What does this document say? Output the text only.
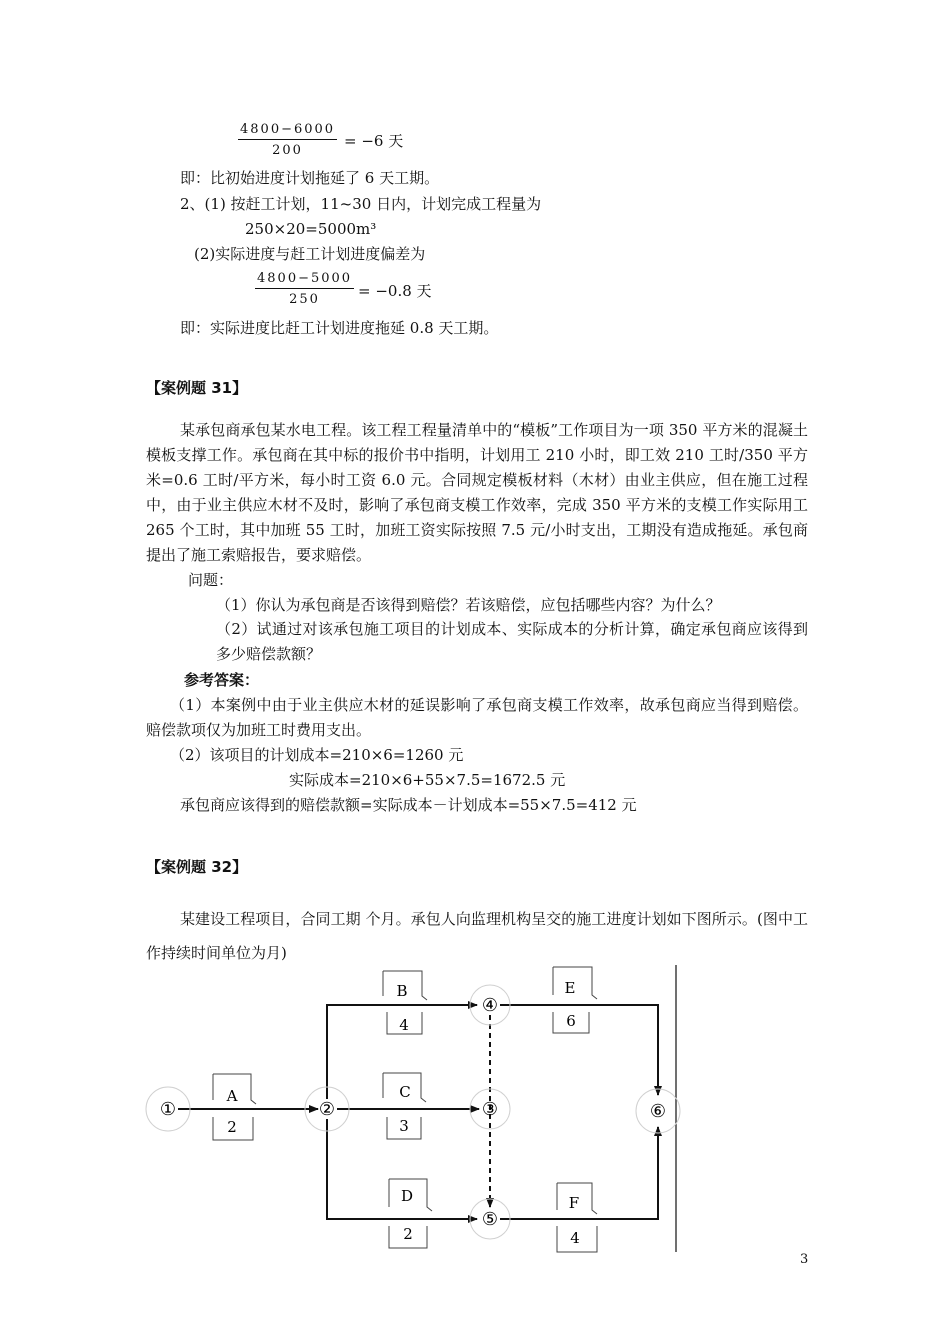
$\frac{4800-6000}{200} = -6$ 天
即：比初始进度计划拖延了 6 天工期。
2、(1) 按赶工计划，11~30 日内，计划完成工程量为
250×20=5000m³
(2)实际进度与赶工计划进度偏差为
$\frac{4800-5000}{250} = -0.8$ 天
即：实际进度比赶工计划进度拖延 0.8 天工期。
【案例题 31】
某承包商承包某水电工程。该工程工程量清单中的“模板”工作项目为一项 350 平方米的混凝土模板支撑工作。承包商在其中标的报价书中指明，计划用工 210 小时，即工效 210 工时/350 平方米=0.6 工时/平方米，每小时工资 6.0 元。合同规定模板材料（木材）由业主供应，但在施工过程中，由于业主供应木材不及时，影响了承包商支模工作效率，完成 350 平方米的支模工作实际用工 265 个工时，其中加班 55 工时，加班工资实际按照 7.5 元/小时支出，工期没有造成拖延。承包商提出了施工索赔报告，要求赔偿。
问题：
（1）你认为承包商是否该得到赔偿？若该赔偿，应包括哪些内容？为什么？
（2）试通过对该承包施工项目的计划成本、实际成本的分析计算，确定承包商应该得到多少赔偿款额？
参考答案：
（1）本案例中由于业主供应木材的延误影响了承包商支模工作效率，故承包商应当得到赔偿。赔偿款项仅为加班工时费用支出。
（2）该项目的计划成本=210×6=1260 元
实际成本=210×6+55×7.5=1672.5 元
承包商应该得到的赔偿款额=实际成本－计划成本=55×7.5=412 元
【案例题 32】
某建设工程项目，合同工期 个月。承包人向监理机构呈交的施工进度计划如下图所示。(图中工作持续时间单位为月)
①	②	③
④
⑤
⑥
A
2
B
4
C
3
D
2
E
6
F
4
3
